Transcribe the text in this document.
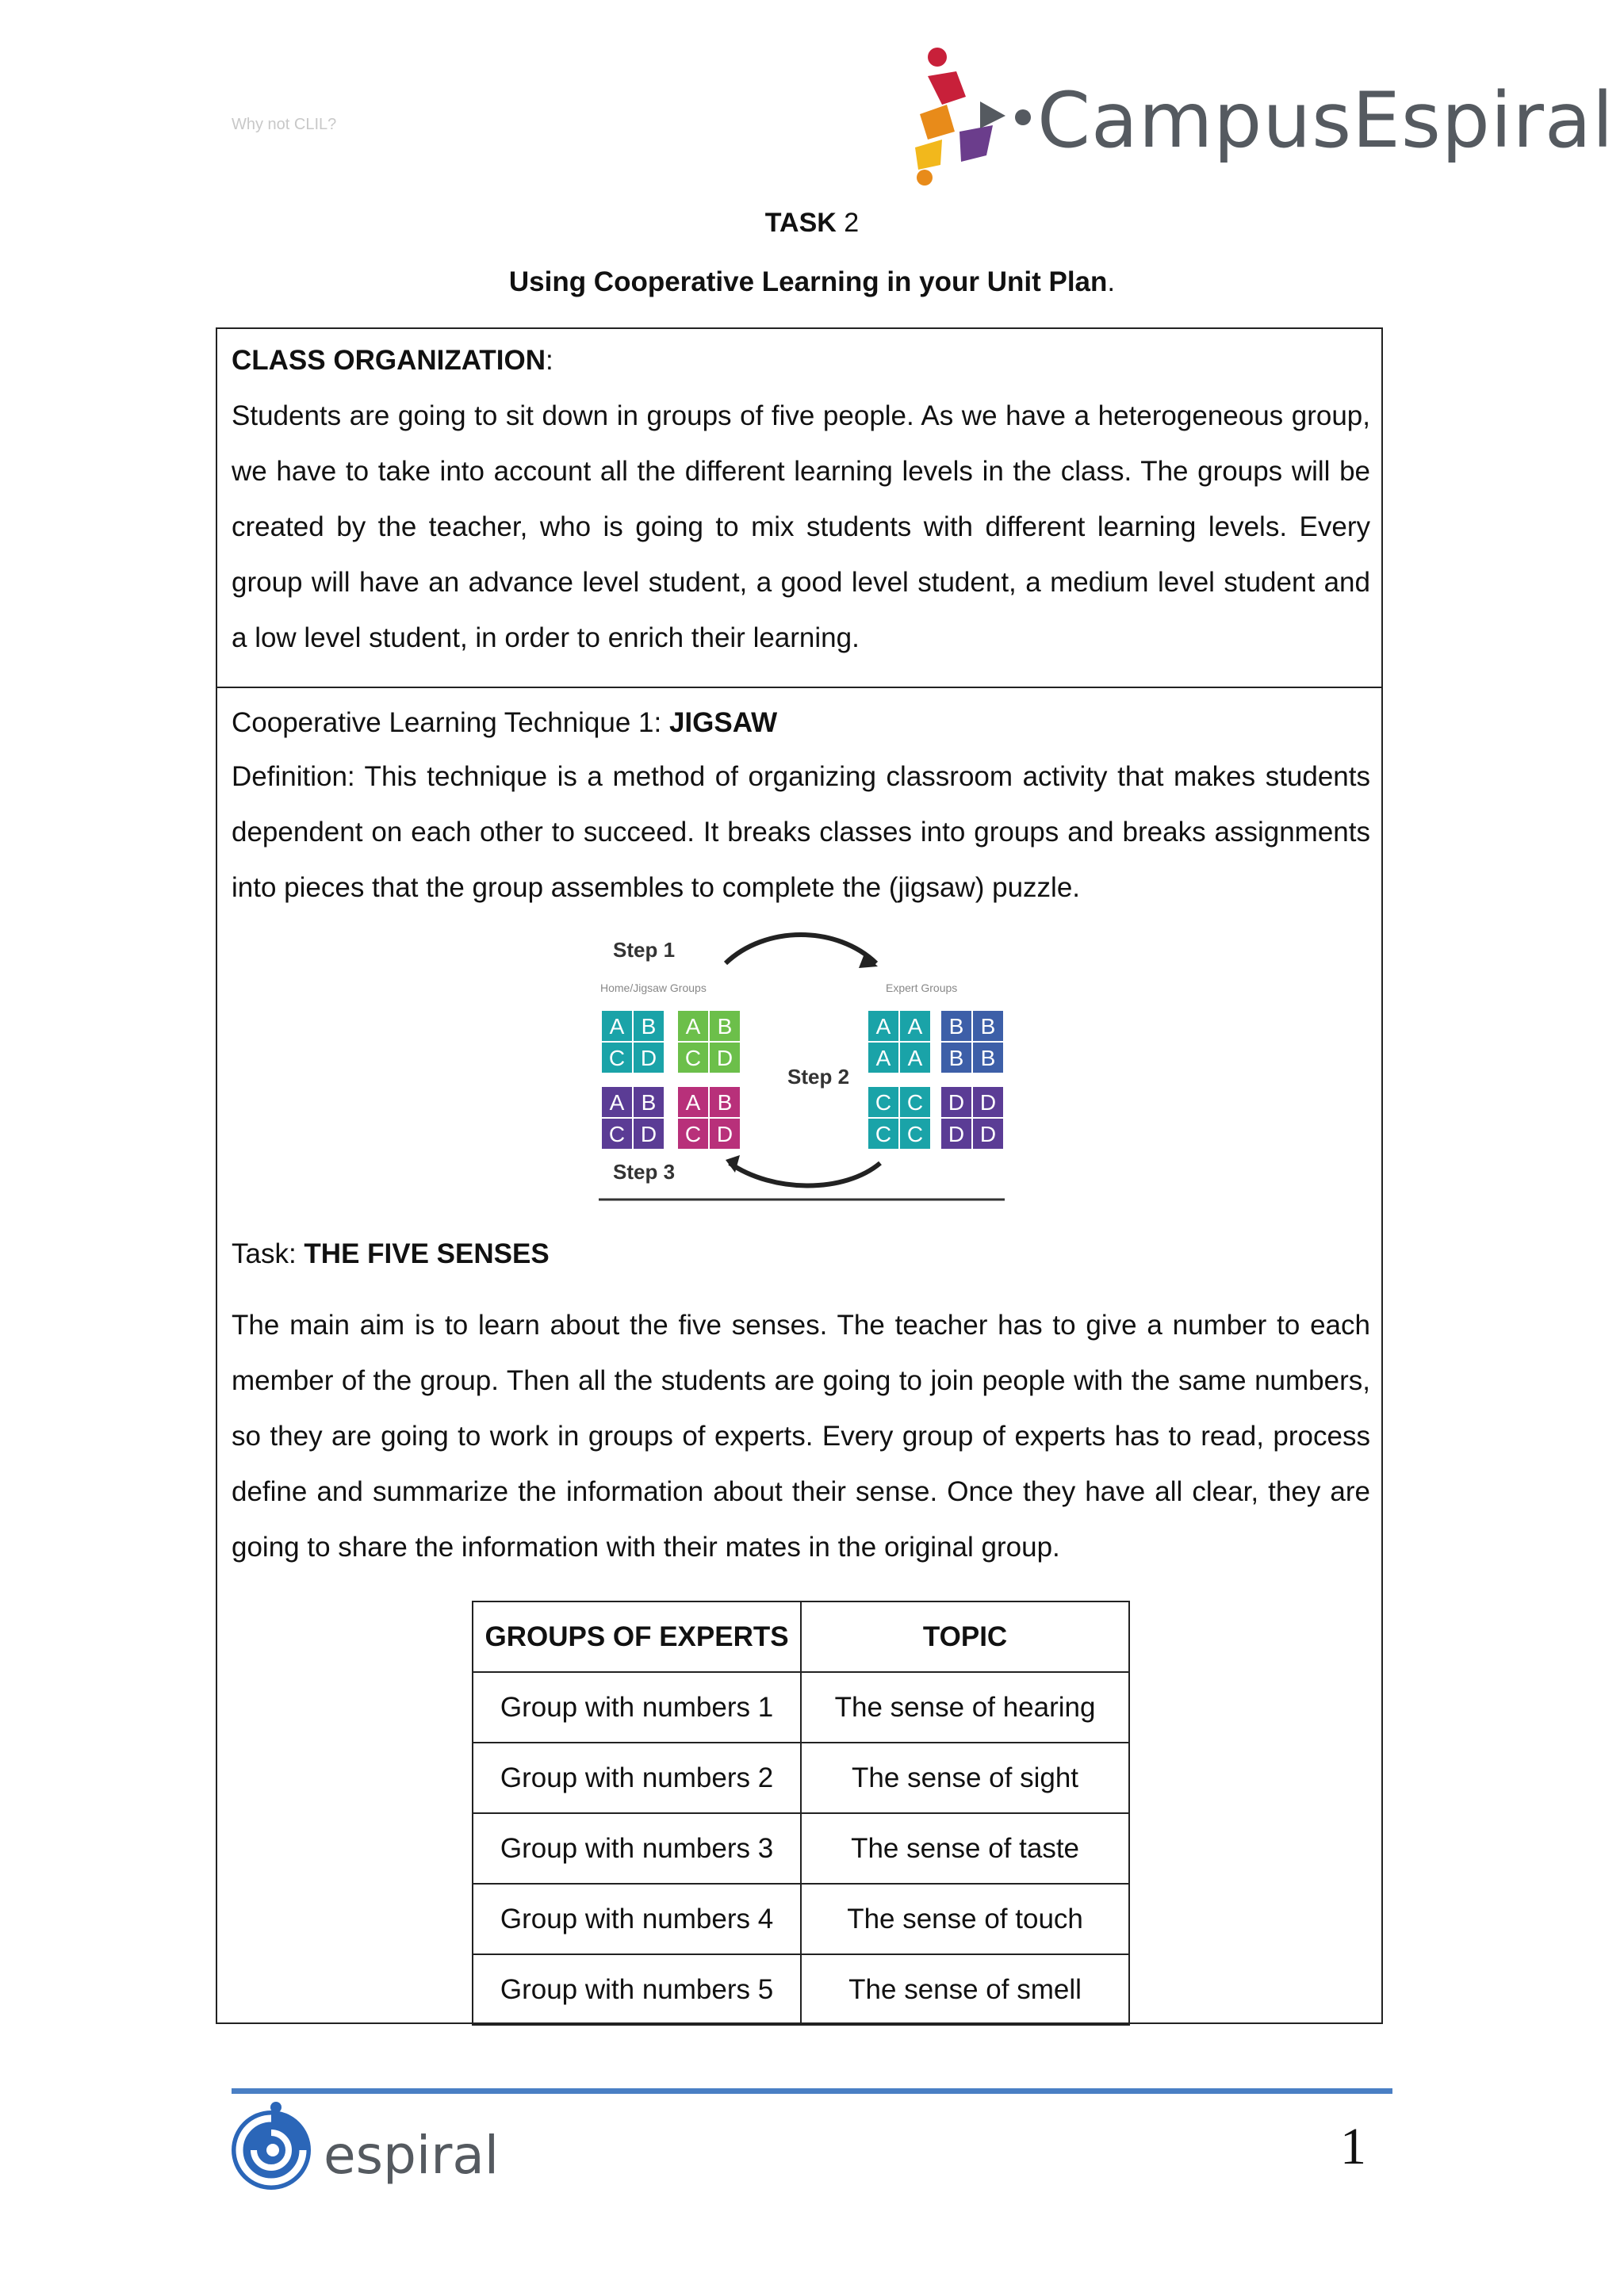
Why not CLIL?	CampusEspiral
TASK 2
Using Cooperative Learning in your Unit Plan.
CLASS ORGANIZATION:
Students are going to sit down in groups of five people. As we have a heterogeneous group, we have to take into account all the different learning levels in the class. The groups will be created by the teacher, who is going to mix students with different learning levels. Every group will have an advance level student, a good level student, a medium level student and a low level student, in order to enrich their learning.
Cooperative Learning Technique 1: JIGSAW
Definition: This technique is a method of organizing classroom activity that makes students dependent on each other to succeed. It breaks classes into groups and breaks assignments into pieces that the group assembles to complete the (jigsaw) puzzle.
Step 1
Home/Jigsaw Groups	Expert Groups
Step 2
Step 3
A B
C D
A B
C D
A B
C D
A B
C D
A A
A A
B B
B B
C C
C C
D D
D D
Task: THE FIVE SENSES
The main aim is to learn about the five senses. The teacher has to give a number to each member of the group. Then all the students are going to join people with the same numbers, so they are going to work in groups of experts. Every group of experts has to read, process define and summarize the information about their sense. Once they have all clear, they are going to share the information with their mates in the original group.
GROUPS OF EXPERTS	TOPIC
Group with numbers 1	The sense of hearing
Group with numbers 2	The sense of sight
Group with numbers 3	The sense of taste
Group with numbers 4	The sense of touch
Group with numbers 5	The sense of smell
espiral	1
